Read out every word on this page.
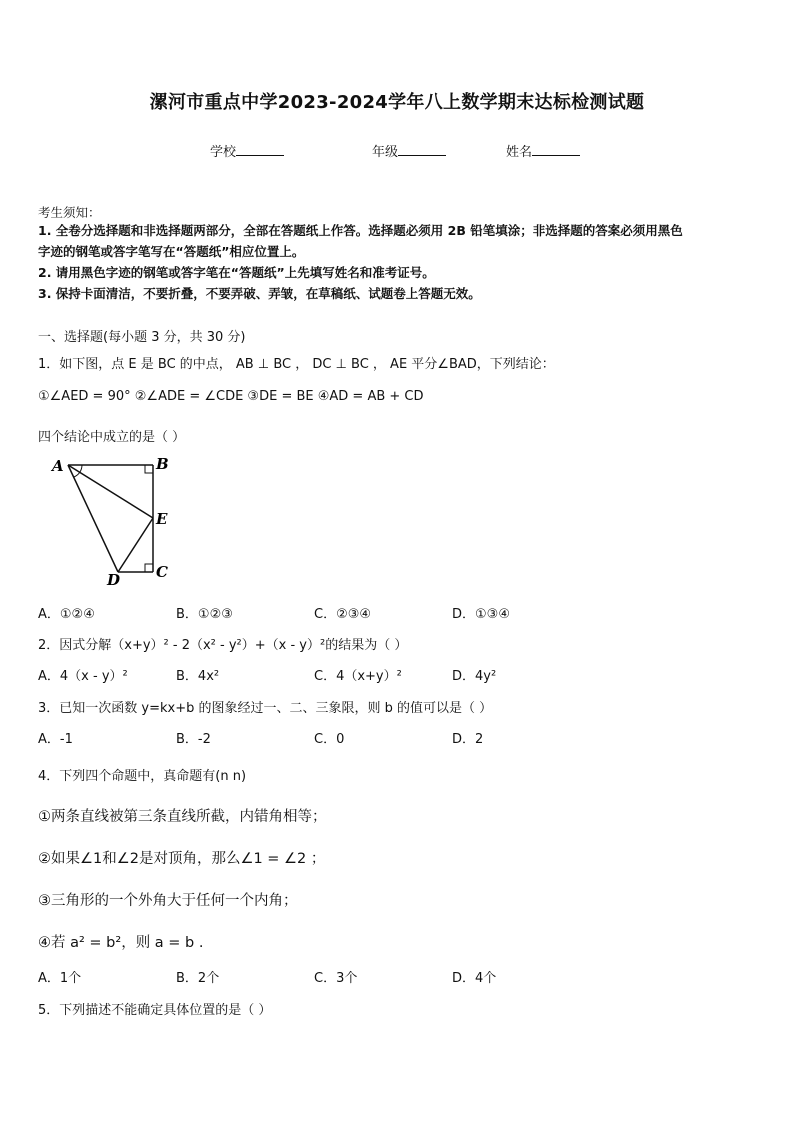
漯河市重点中学2023-2024学年八上数学期末达标检测试题
学校	年级	姓名
考生须知：
1. 全卷分选择题和非选择题两部分，全部在答题纸上作答。选择题必须用 2B 铅笔填涂；非选择题的答案必须用黑色
字迹的钢笔或答字笔写在“答题纸”相应位置上。
2. 请用黑色字迹的钢笔或答字笔在“答题纸”上先填写姓名和准考证号。
3. 保持卡面清洁，不要折叠，不要弄破、弄皱，在草稿纸、试题卷上答题无效。
一、选择题(每小题 3 分，共 30 分)
1．如下图，点 E 是 BC 的中点， AB ⊥ BC ， DC ⊥ BC ， AE 平分∠BAD，下列结论：
①∠AED = 90° ②∠ADE = ∠CDE ③DE = BE ④AD = AB + CD
四个结论中成立的是（ ）
A	B
E
C
D
A．①②④	B．①②③	C．②③④	D．①③④
2．因式分解（x+y）² - 2（x² - y²）+（x - y）²的结果为（ ）
A．4（x - y）²	B．4x²	C．4（x+y）²	D．4y²
3．已知一次函数 y=kx+b 的图象经过一、二、三象限，则 b 的值可以是（ ）
A．-1	B．-2	C．0	D．2
4．下列四个命题中，真命题有(n n)
①两条直线被第三条直线所截，内错角相等；
②如果∠1和∠2是对顶角，那么∠1 = ∠2 ；
③三角形的一个外角大于任何一个内角；
④若 a² = b²，则 a = b .
A．1个	B．2个	C．3个	D．4个
5．下列描述不能确定具体位置的是（ ）
